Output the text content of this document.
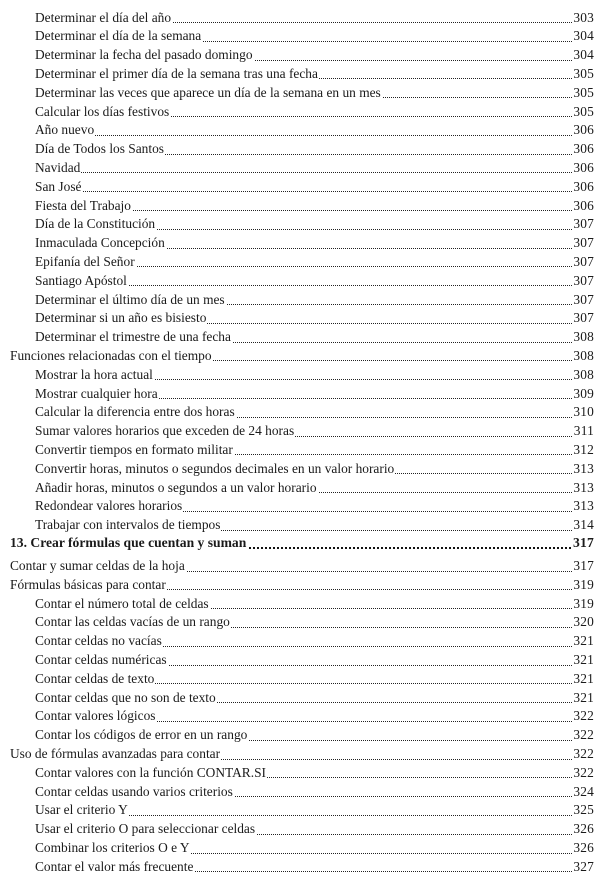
Determinar el día del año	303
Determinar el día de la semana	304
Determinar la fecha del pasado domingo	304
Determinar el primer día de la semana tras una fecha	305
Determinar las veces que aparece un día de la semana en un mes	305
Calcular los días festivos	305
Año nuevo	306
Día de Todos los Santos	306
Navidad	306
San José	306
Fiesta del Trabajo	306
Día de la Constitución	307
Inmaculada Concepción	307
Epifanía del Señor	307
Santiago Apóstol	307
Determinar el último día de un mes	307
Determinar si un año es bisiesto	307
Determinar el trimestre de una fecha	308
Funciones relacionadas con el tiempo	308
Mostrar la hora actual	308
Mostrar cualquier hora	309
Calcular la diferencia entre dos horas	310
Sumar valores horarios que exceden de 24 horas	311
Convertir tiempos en formato militar	312
Convertir horas, minutos o segundos decimales en un valor horario	313
Añadir horas, minutos o segundos a un valor horario	313
Redondear valores horarios	313
Trabajar con intervalos de tiempos	314
13. Crear fórmulas que cuentan y suman	317
Contar y sumar celdas de la hoja	317
Fórmulas básicas para contar	319
Contar el número total de celdas	319
Contar las celdas vacías de un rango	320
Contar celdas no vacías	321
Contar celdas numéricas	321
Contar celdas de texto	321
Contar celdas que no son de texto	321
Contar valores lógicos	322
Contar los códigos de error en un rango	322
Uso de fórmulas avanzadas para contar	322
Contar valores con la función CONTAR.SI	322
Contar celdas usando varios criterios	324
Usar el criterio Y	325
Usar el criterio O para seleccionar celdas	326
Combinar los criterios O e Y	326
Contar el valor más frecuente	327
